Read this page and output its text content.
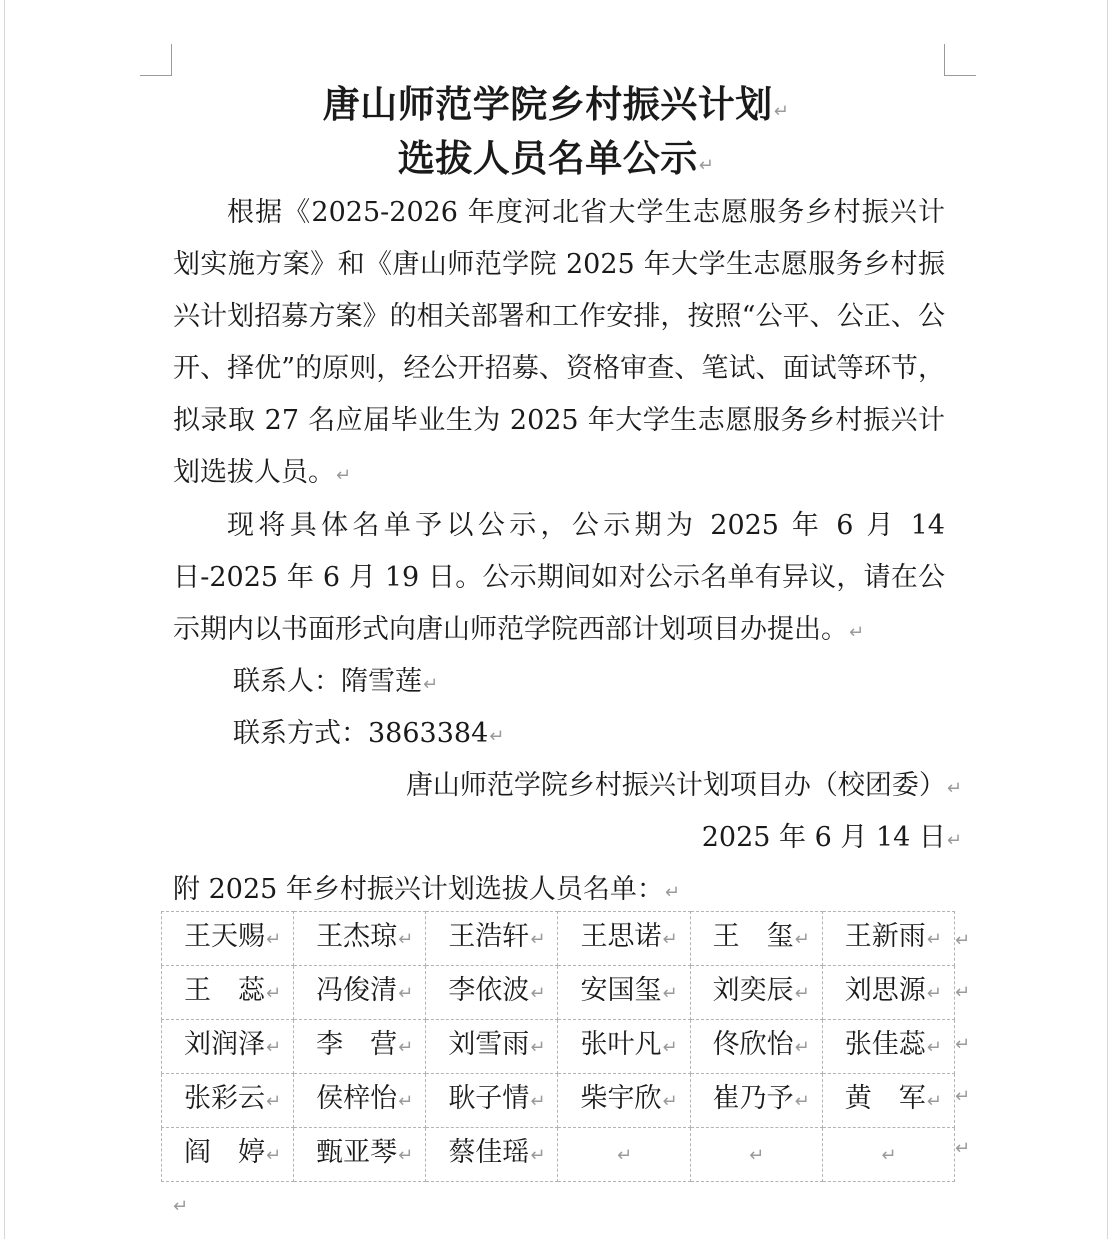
唐山师范学院乡村振兴计划↵
选拔人员名单公示↵

根据《2025-2026 年度河北省大学生志愿服务乡村振兴计划实施方案》和《唐山师范学院 2025 年大学生志愿服务乡村振兴计划招募方案》的相关部署和工作安排，按照“公平、公正、公开、择优”的原则，经公开招募、资格审查、笔试、面试等环节，拟录取 27 名应届毕业生为 2025 年大学生志愿服务乡村振兴计划选拔人员。↵

现将具体名单予以公示，公示期为 2025 年 6 月 14 日-2025 年 6 月 19 日。公示期间如对公示名单有异议，请在公示期内以书面形式向唐山师范学院西部计划项目办提出。↵

联系人：隋雪莲↵
联系方式：3863384↵
唐山师范学院乡村振兴计划项目办（校团委）↵
2025 年 6 月 14 日↵
附 2025 年乡村振兴计划选拔人员名单：↵
王天赐↵	王杰琼↵	王浩轩↵	王思诺↵	王　玺↵	王新雨↵
王　蕊↵	冯俊清↵	李依波↵	安国玺↵	刘奕辰↵	刘思源↵
刘润泽↵	李　营↵	刘雪雨↵	张叶凡↵	佟欣怡↵	张佳蕊↵
张彩云↵	侯梓怡↵	耿子情↵	柴宇欣↵	崔乃予↵	黄　军↵
阎　婷↵	甄亚琴↵	蔡佳瑶↵	↵	↵	↵
↵
↵
↵
↵
↵
↵
